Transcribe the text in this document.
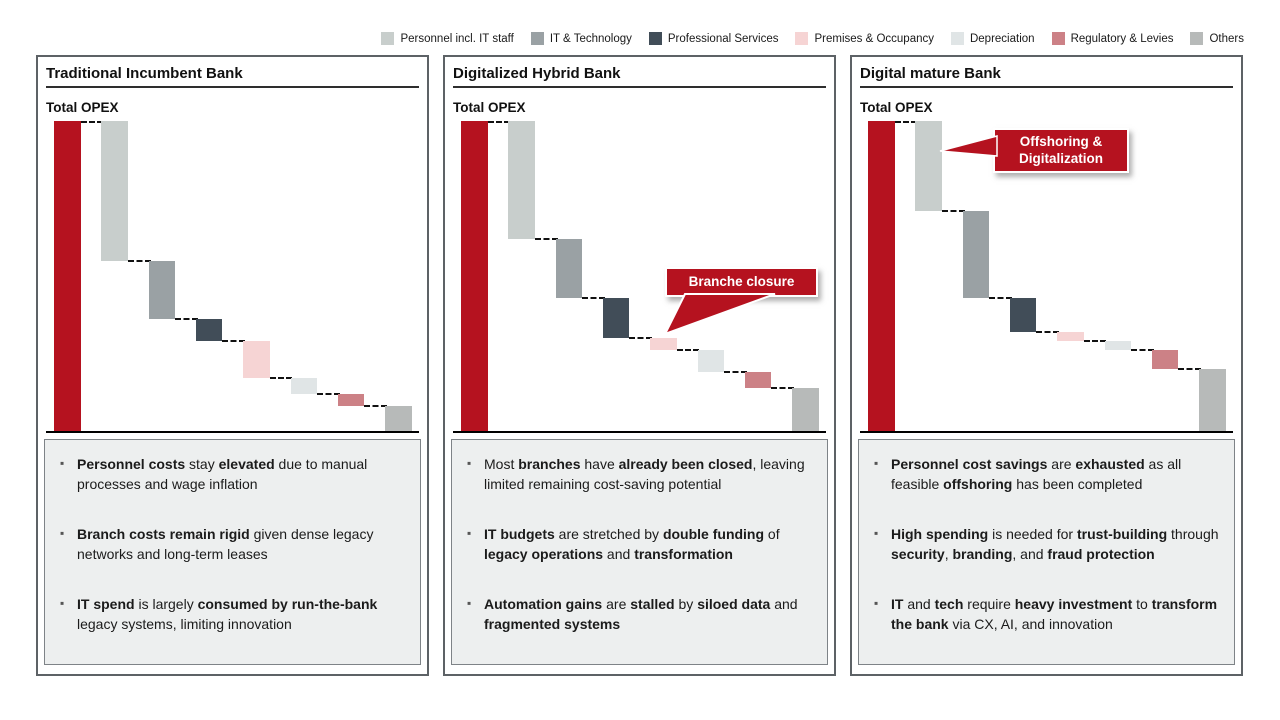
Personnel incl. IT staff	IT & Technology	Professional Services	Premises & Occupancy	Depreciation	Regulatory & Levies	Others
Traditional Incumbent Bank
Total OPEX
▪ Personnel costs stay elevated due to manual processes and wage inflation
▪ Branch costs remain rigid given dense legacy networks and long-term leases
▪ IT spend is largely consumed by run-the-bank legacy systems, limiting innovation
Digitalized Hybrid Bank
Total OPEX
Branche closure
▪ Most branches have already been closed, leaving limited remaining cost-saving potential
▪ IT budgets are stretched by double funding of legacy operations and transformation
▪ Automation gains are stalled by siloed data and fragmented systems
Digital mature Bank
Total OPEX
Offshoring & Digitalization
▪ Personnel cost savings are exhausted as all feasible offshoring has been completed
▪ High spending is needed for trust-building through security, branding, and fraud protection
▪ IT and tech require heavy investment to transform the bank via CX, AI, and innovation
